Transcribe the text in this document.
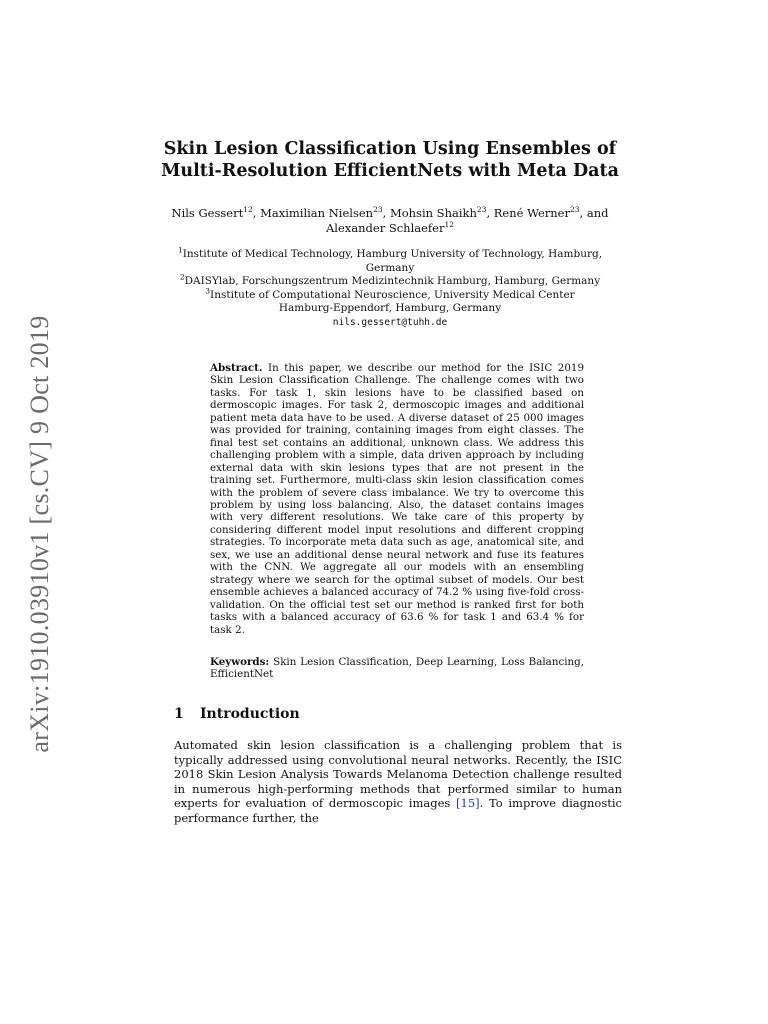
arXiv:1910.03910v1 [cs.CV] 9 Oct 2019
Skin Lesion Classification Using Ensembles of
Multi-Resolution EfficientNets with Meta Data
Nils Gessert$^{12}$, Maximilian Nielsen$^{23}$, Mohsin Shaikh$^{23}$, René Werner$^{23}$, and
Alexander Schlaefer$^{12}$
$^1$Institute of Medical Technology, Hamburg University of Technology, Hamburg,
Germany
$^2$DAISYlab, Forschungszentrum Medizintechnik Hamburg, Hamburg, Germany
$^3$Institute of Computational Neuroscience, University Medical Center
Hamburg-Eppendorf, Hamburg, Germany
nils.gessert@tuhh.de
Abstract. In this paper, we describe our method for the ISIC 2019 Skin Lesion Classification Challenge. The challenge comes with two tasks. For task 1, skin lesions have to be classified based on dermoscopic images. For task 2, dermoscopic images and additional patient meta data have to be used. A diverse dataset of 25 000 images was provided for training, containing images from eight classes. The final test set contains an additional, unknown class. We address this challenging problem with a simple, data driven approach by including external data with skin lesions types that are not present in the training set. Furthermore, multi-class skin lesion classification comes with the problem of severe class imbalance. We try to overcome this problem by using loss balancing. Also, the dataset contains images with very different resolutions. We take care of this property by considering different model input resolutions and different cropping strategies. To incorporate meta data such as age, anatomical site, and sex, we use an additional dense neural network and fuse its features with the CNN. We aggregate all our models with an ensembling strategy where we search for the optimal subset of models. Our best ensemble achieves a balanced accuracy of 74.2 % using five-fold cross-validation. On the official test set our method is ranked first for both tasks with a balanced accuracy of 63.6 % for task 1 and 63.4 % for task 2.
Keywords: Skin Lesion Classification, Deep Learning, Loss Balancing, EfficientNet
1 Introduction
Automated skin lesion classification is a challenging problem that is typically addressed using convolutional neural networks. Recently, the ISIC 2018 Skin Lesion Analysis Towards Melanoma Detection challenge resulted in numerous high-performing methods that performed similar to human experts for evaluation of dermoscopic images [15]. To improve diagnostic performance further, the
